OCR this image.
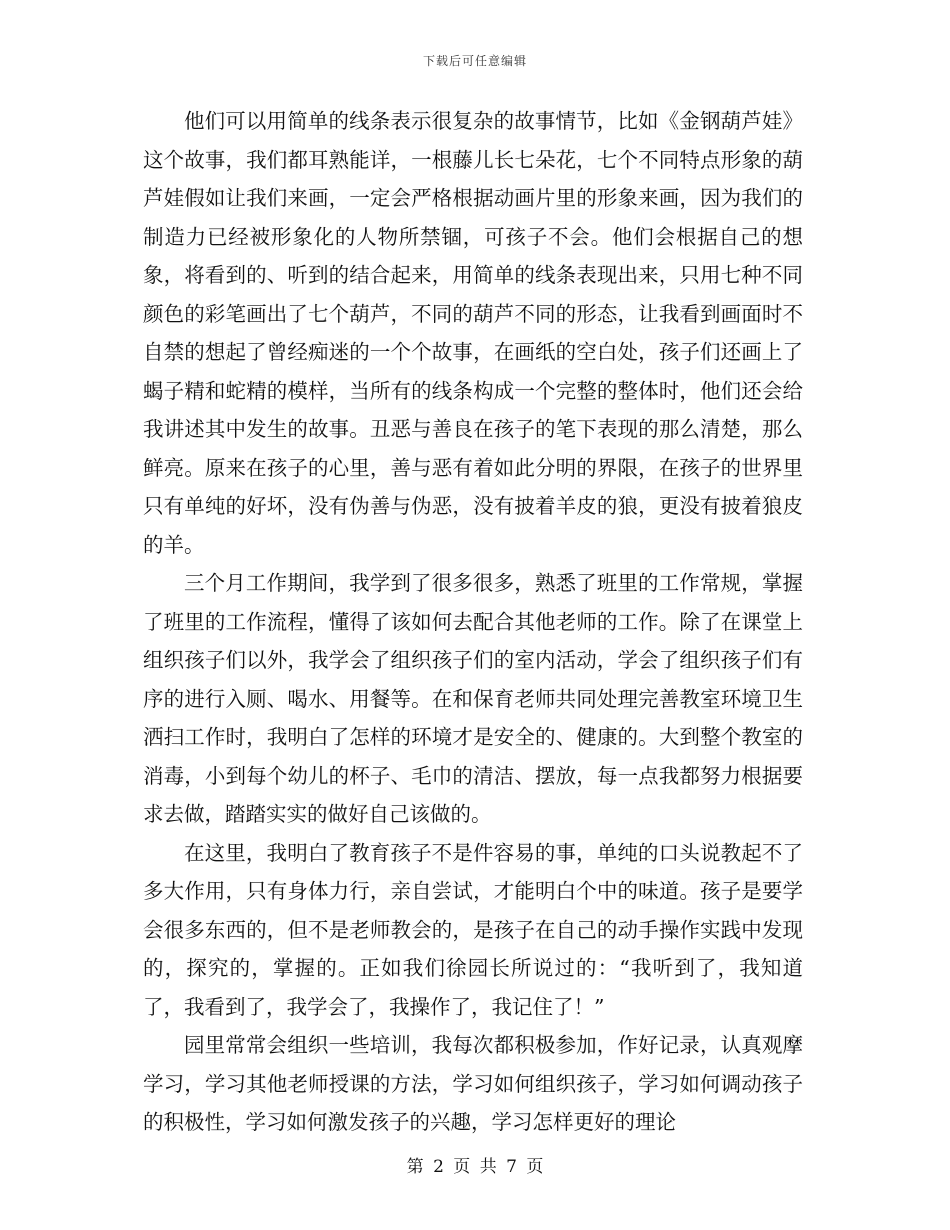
下载后可任意编辑

他们可以用简单的线条表示很复杂的故事情节，比如《金钢葫芦娃》这个故事，我们都耳熟能详，一根藤儿长七朵花，七个不同特点形象的葫芦娃假如让我们来画，一定会严格根据动画片里的形象来画，因为我们的制造力已经被形象化的人物所禁锢，可孩子不会。他们会根据自己的想象，将看到的、听到的结合起来，用简单的线条表现出来，只用七种不同颜色的彩笔画出了七个葫芦，不同的葫芦不同的形态，让我看到画面时不自禁的想起了曾经痴迷的一个个故事，在画纸的空白处，孩子们还画上了蝎子精和蛇精的模样，当所有的线条构成一个完整的整体时，他们还会给我讲述其中发生的故事。丑恶与善良在孩子的笔下表现的那么清楚，那么鲜亮。原来在孩子的心里，善与恶有着如此分明的界限，在孩子的世界里只有单纯的好坏，没有伪善与伪恶，没有披着羊皮的狼，更没有披着狼皮的羊。

三个月工作期间，我学到了很多很多，熟悉了班里的工作常规，掌握了班里的工作流程，懂得了该如何去配合其他老师的工作。除了在课堂上组织孩子们以外，我学会了组织孩子们的室内活动，学会了组织孩子们有序的进行入厕、喝水、用餐等。在和保育老师共同处理完善教室环境卫生洒扫工作时，我明白了怎样的环境才是安全的、健康的。大到整个教室的消毒，小到每个幼儿的杯子、毛巾的清洁、摆放，每一点我都努力根据要求去做，踏踏实实的做好自己该做的。

在这里，我明白了教育孩子不是件容易的事，单纯的口头说教起不了多大作用，只有身体力行，亲自尝试，才能明白个中的味道。孩子是要学会很多东西的，但不是老师教会的，是孩子在自己的动手操作实践中发现的，探究的，掌握的。正如我们徐园长所说过的：“我听到了，我知道了，我看到了，我学会了，我操作了，我记住了！”

园里常常会组织一些培训，我每次都积极参加，作好记录，认真观摩学习，学习其他老师授课的方法，学习如何组织孩子，学习如何调动孩子的积极性，学习如何激发孩子的兴趣，学习怎样更好的理论

第 2 页 共 7 页
